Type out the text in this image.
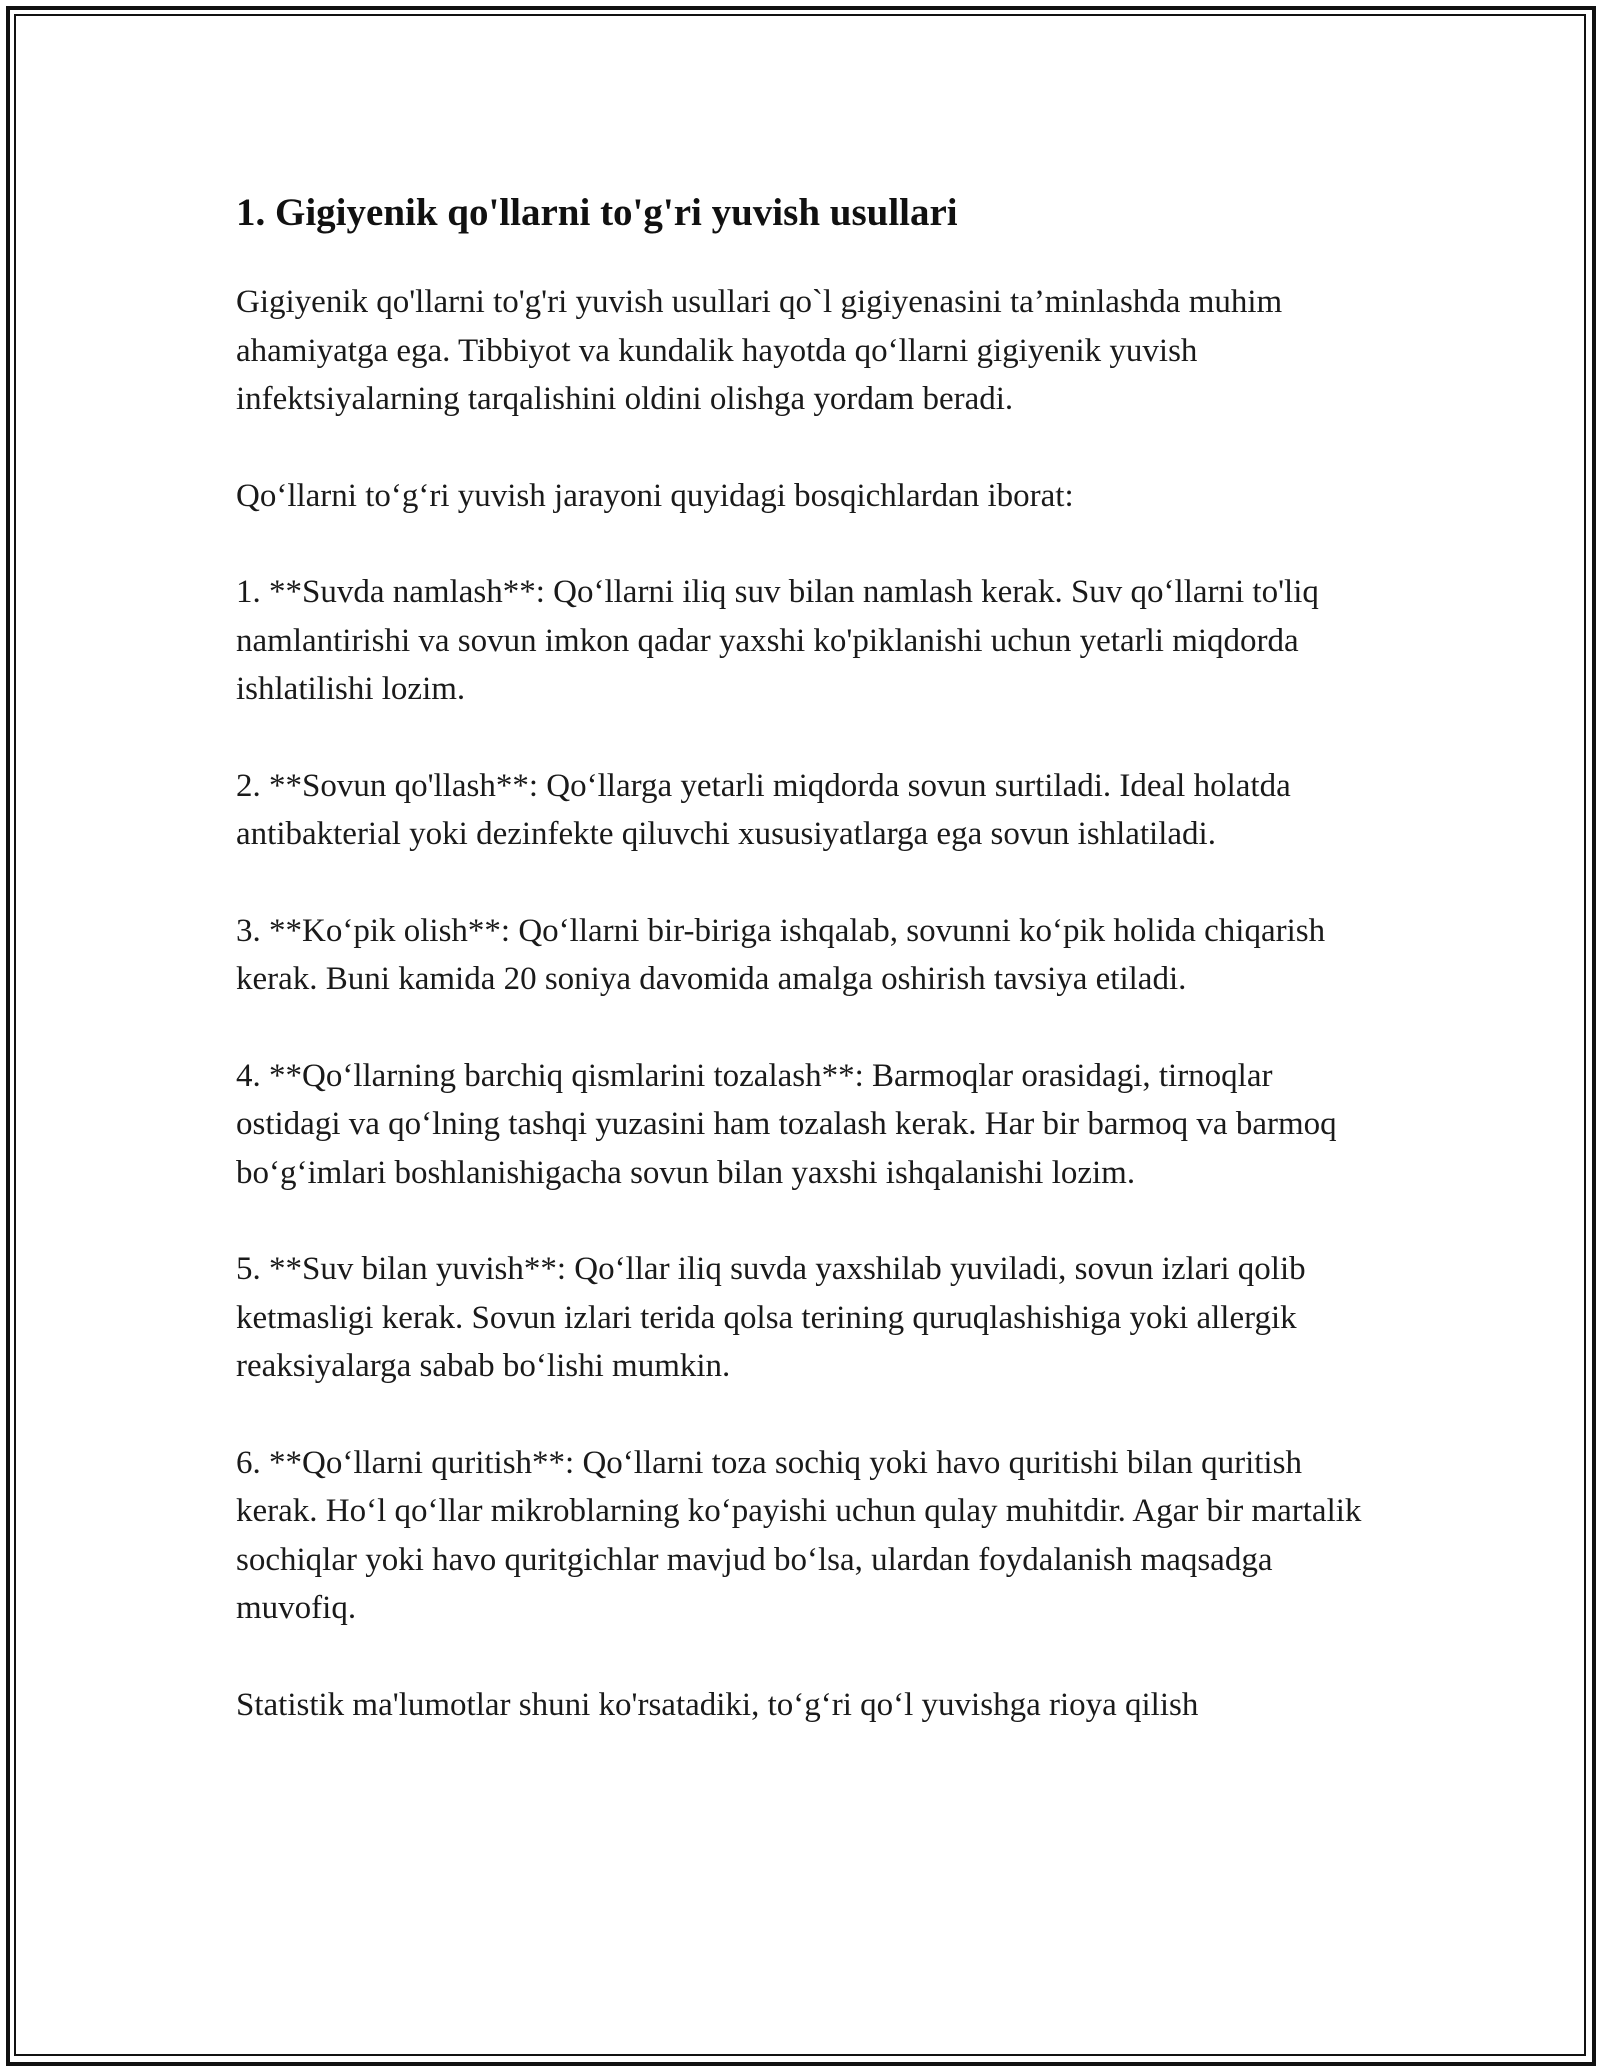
1. Gigiyenik qo'llarni to'g'ri yuvish usullari

Gigiyenik qo'llarni to'g'ri yuvish usullari qo`l gigiyenasini ta’minlashda muhim ahamiyatga ega. Tibbiyot va kundalik hayotda qo‘llarni gigiyenik yuvish infektsiyalarning tarqalishini oldini olishga yordam beradi.

Qo‘llarni to‘g‘ri yuvish jarayoni quyidagi bosqichlardan iborat:

1. **Suvda namlash**: Qo‘llarni iliq suv bilan namlash kerak. Suv qo‘llarni to'liq namlantirishi va sovun imkon qadar yaxshi ko'piklanishi uchun yetarli miqdorda ishlatilishi lozim.

2. **Sovun qo'llash**: Qo‘llarga yetarli miqdorda sovun surtiladi. Ideal holatda antibakterial yoki dezinfekte qiluvchi xususiyatlarga ega sovun ishlatiladi.

3. **Ko‘pik olish**: Qo‘llarni bir-biriga ishqalab, sovunni ko‘pik holida chiqarish kerak. Buni kamida 20 soniya davomida amalga oshirish tavsiya etiladi.

4. **Qo‘llarning barchiq qismlarini tozalash**: Barmoqlar orasidagi, tirnoqlar ostidagi va qo‘lning tashqi yuzasini ham tozalash kerak. Har bir barmoq va barmoq bo‘g‘imlari boshlanishigacha sovun bilan yaxshi ishqalanishi lozim.

5. **Suv bilan yuvish**: Qo‘llar iliq suvda yaxshilab yuviladi, sovun izlari qolib ketmasligi kerak. Sovun izlari terida qolsa terining quruqlashishiga yoki allergik reaksiyalarga sabab bo‘lishi mumkin.

6. **Qo‘llarni quritish**: Qo‘llarni toza sochiq yoki havo quritishi bilan quritish kerak. Ho‘l qo‘llar mikroblarning ko‘payishi uchun qulay muhitdir. Agar bir martalik sochiqlar yoki havo quritgichlar mavjud bo‘lsa, ulardan foydalanish maqsadga muvofiq.

Statistik ma'lumotlar shuni ko'rsatadiki, to‘g‘ri qo‘l yuvishga rioya qilish
